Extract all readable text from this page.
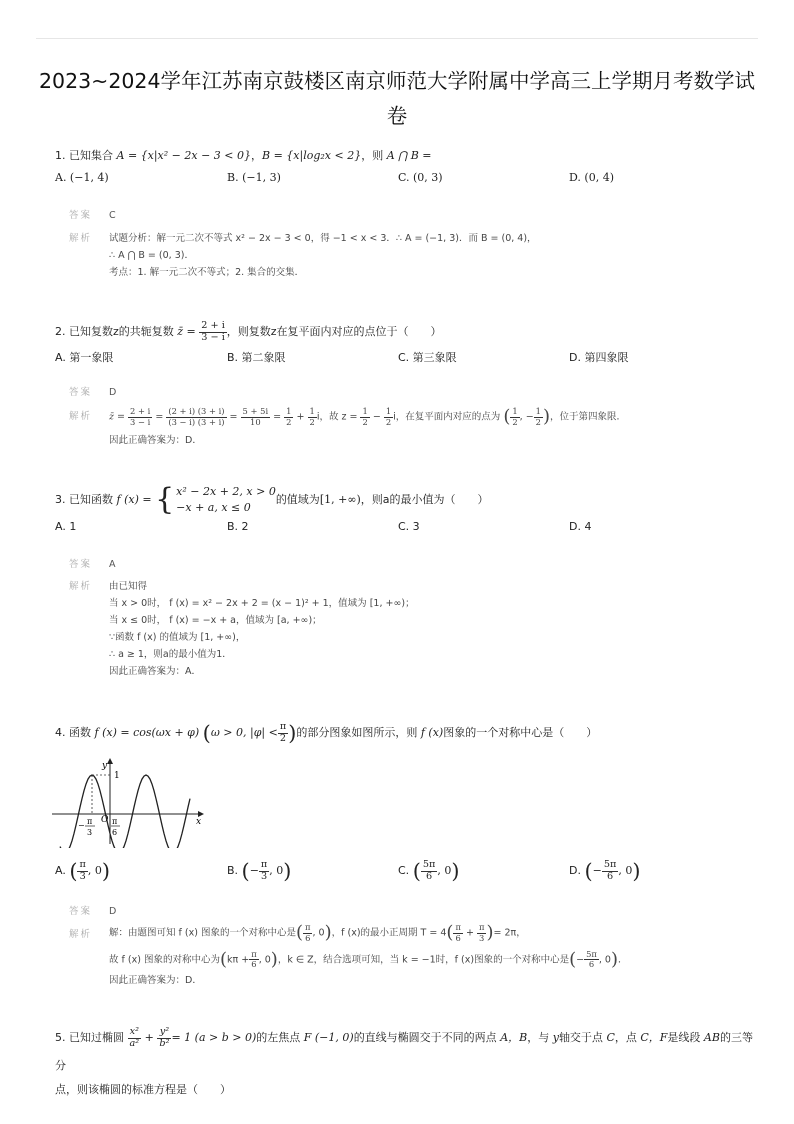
2023~2024学年江苏南京鼓楼区南京师范大学附属中学高三上学期月考数学试卷
1. 已知集合 A = {x|x² − 2x − 3 < 0}，B = {x|log₂x < 2}，则 A ⋂ B =
A. (−1, 4)	B. (−1, 3)	C. (0, 3)	D. (0, 4)
答案 C
解析 试题分析：解一元二次不等式 x² − 2x − 3 < 0，得 −1 < x < 3．∴ A = (−1, 3)．而 B = (0, 4)，
∴ A ⋂ B = (0, 3)．
考点：1. 解一元二次不等式；2. 集合的交集．
2. 已知复数z的共轭复数 z̄ = $\frac{2 + i}{3 - i}$ ，则复数z在复平面内对应的点位于（　　）
A. 第一象限	B. 第二象限	C. 第三象限	D. 第四象限
答案 D
解析	z̄ = $\frac{2 + i}{3 - i} = \frac{(2 + i) (3 + i)}{(3 - i) (3 + i)} = \frac{5 + 5i}{10} = \frac{1}{2} + \frac{1}{2}$ i，故 $z = \frac{1}{2} - \frac{1}{2}$ i，在复平面内对应的点为 ( $\frac{1}{2}$ , − $\frac{1}{2}$ )，位于第四象限．
因此正确答案为：D．
3. 已知函数 f (x) = { x² − 2x + 2, x > 0
−x + a, x ≤ 0
的值域为[1, +∞)，则a的最小值为（　　）
A. 1	B. 2	C. 3	D. 4
答案 A
解析 由已知得
当 x > 0时， f (x) = x² − 2x + 2 = (x − 1)² + 1，值域为 [1, +∞)；
当 x ≤ 0时， f (x) = −x + a，值域为 [a, +∞)；
∵函数 f (x) 的值域为 [1, +∞)，
∴ a ≥ 1，则a的最小值为1．
因此正确答案为：A．
4. 函数 f (x) = cos(ωx + φ) (ω > 0, $|\varphi| < \frac{\pi}{2}$ )的部分图象如图所示，则 f (x)图象的一个对称中心是（　　）
y
1
O	x
− π
3
π
6
A. ( $\frac{\pi}{3}$ , 0)	B. (− $\frac{\pi}{3}$ , 0)	C. ( $\frac{5\pi}{6}$ , 0)	D. (− $\frac{5\pi}{6}$ , 0)
答案 D
解析	解：由题图可知 f (x) 图象的一个对称中心是( $\frac{\pi}{6}$ , 0)，f (x)的最小正周期 $T = 4( \frac{\pi}{6} + \frac{\pi}{3}$ )= 2π，
故 f (x) 图象的对称中心为($k\pi + \frac{\pi}{6}$ , 0)，k ∈ Z，结合选项可知，当 k = −1时，f (x)图象的一个对称中心是(− $\frac{5\pi}{6}$ , 0)．
因此正确答案为：D．
5. 已知过椭圆 $\frac{\text{x²}}{\text{a²}} + \frac{\text{y²}}{\text{b²}} = 1$ (a > b > 0)的左焦点 F (−1, 0)的直线与椭圆交于不同的两点 A，B，与 y轴交于点 C，点 C，F是线段 AB的三等分
点，则该椭圆的标准方程是（　　）
